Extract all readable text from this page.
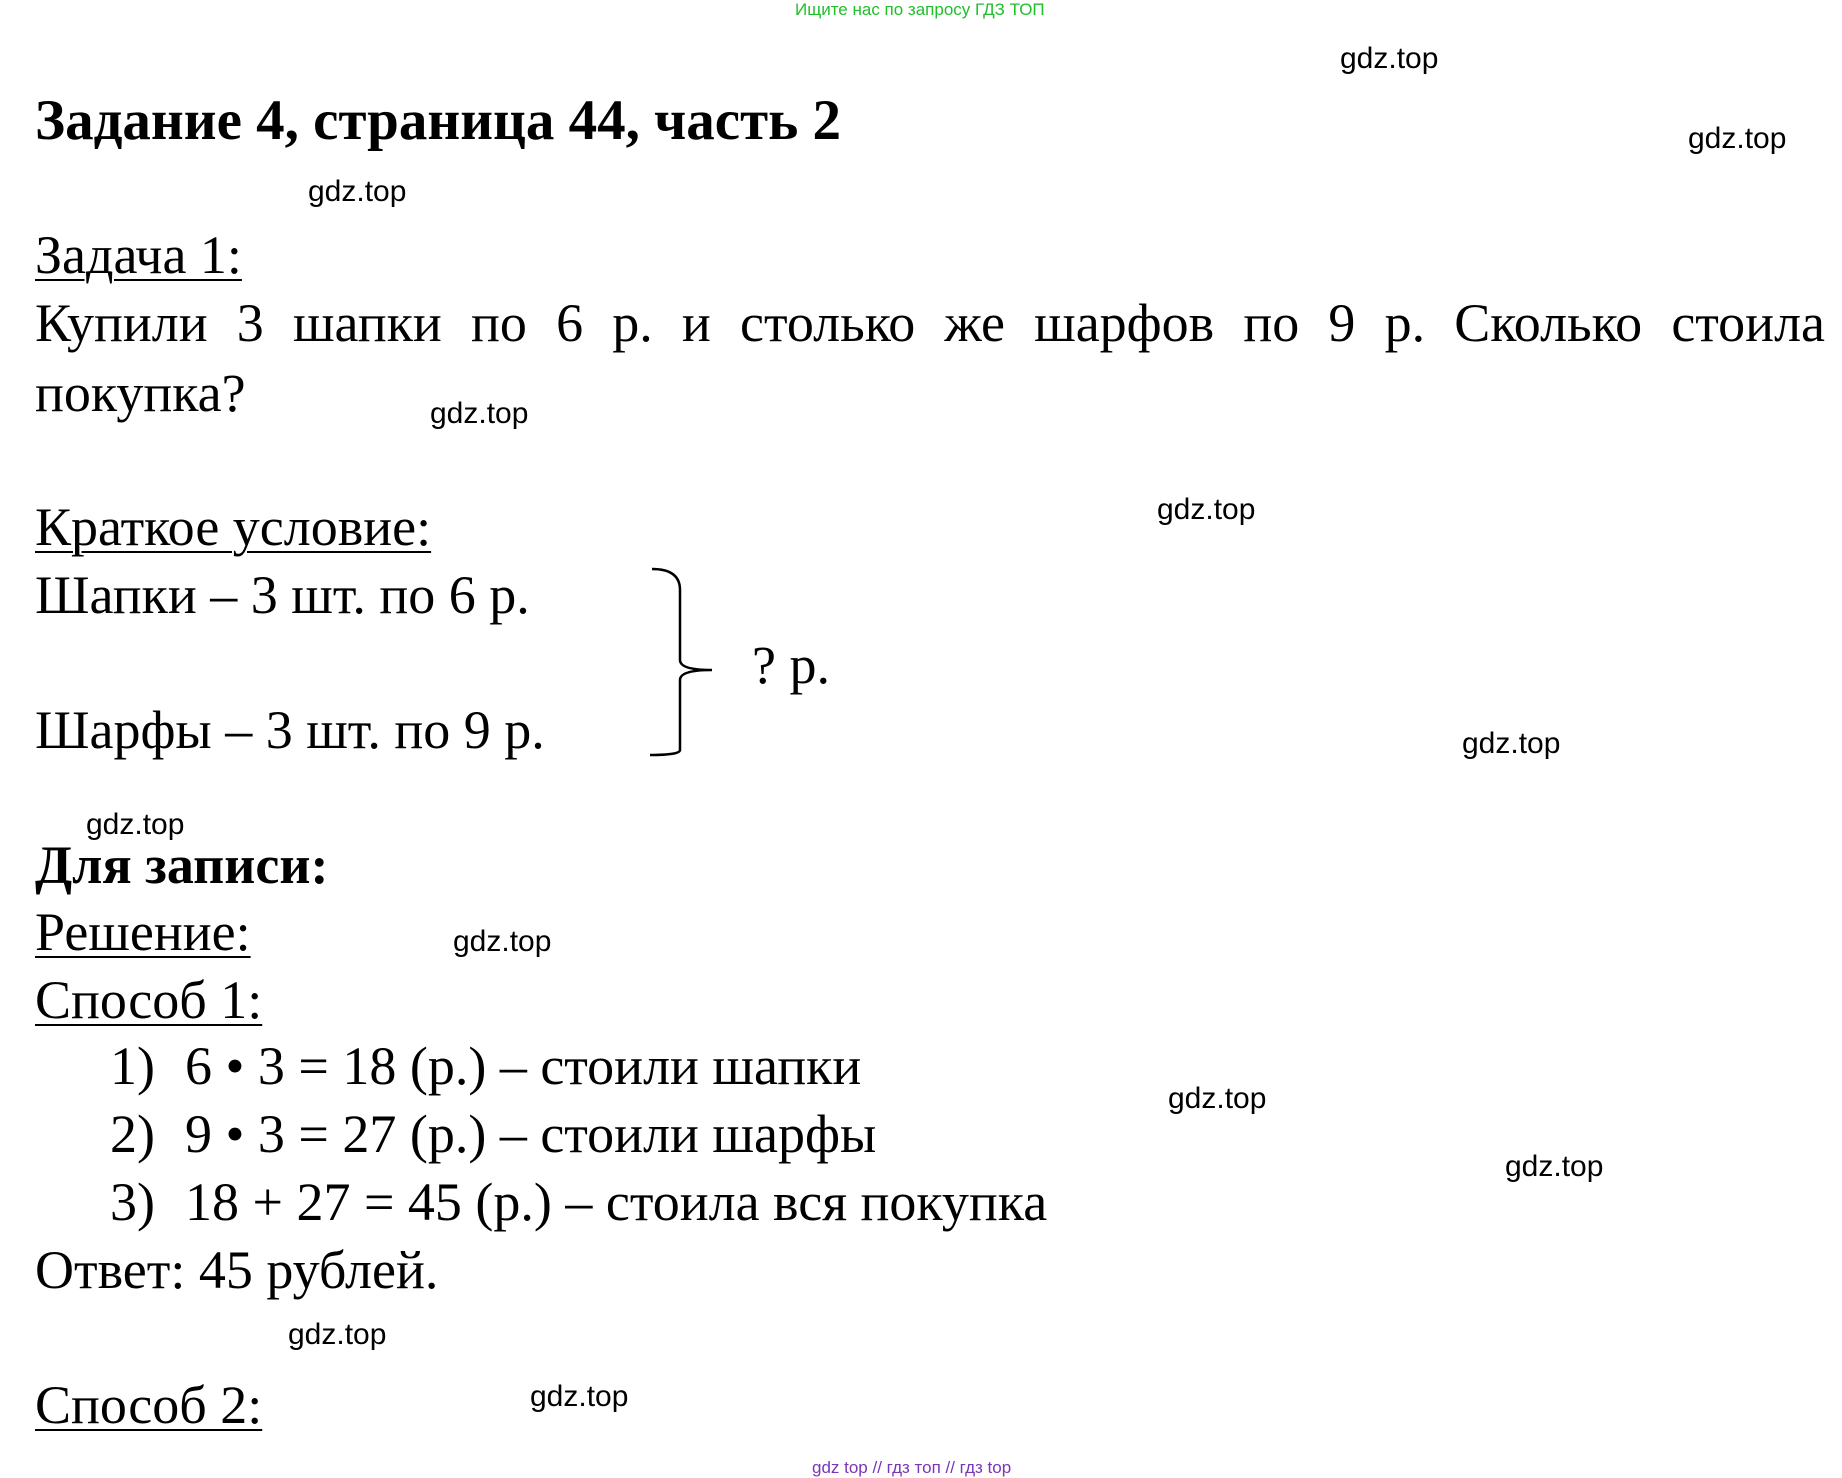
Ищите нас по запросу ГДЗ ТОП
Задание 4, страница 44, часть 2
Задача 1:
Купили 3 шапки по 6 р. и столько же шарфов по 9 р. Сколько стоила покупка?
Краткое условие:
Шапки – 3 шт. по 6 р.
Шарфы – 3 шт. по 9 р.
? р.
Для записи:
Решение:
Способ 1:
1) 6 • 3 = 18 (р.) – стоили шапки
2) 9 • 3 = 27 (р.) – стоили шарфы
3) 18 + 27 = 45 (р.) – стоила вся покупка
Ответ: 45 рублей.
Способ 2:
gdz.top
gdz.top
gdz.top
gdz.top
gdz.top
gdz.top
gdz.top
gdz.top
gdz.top
gdz.top
gdz.top
gdz.top
gdz top // гдз топ // гдз top
